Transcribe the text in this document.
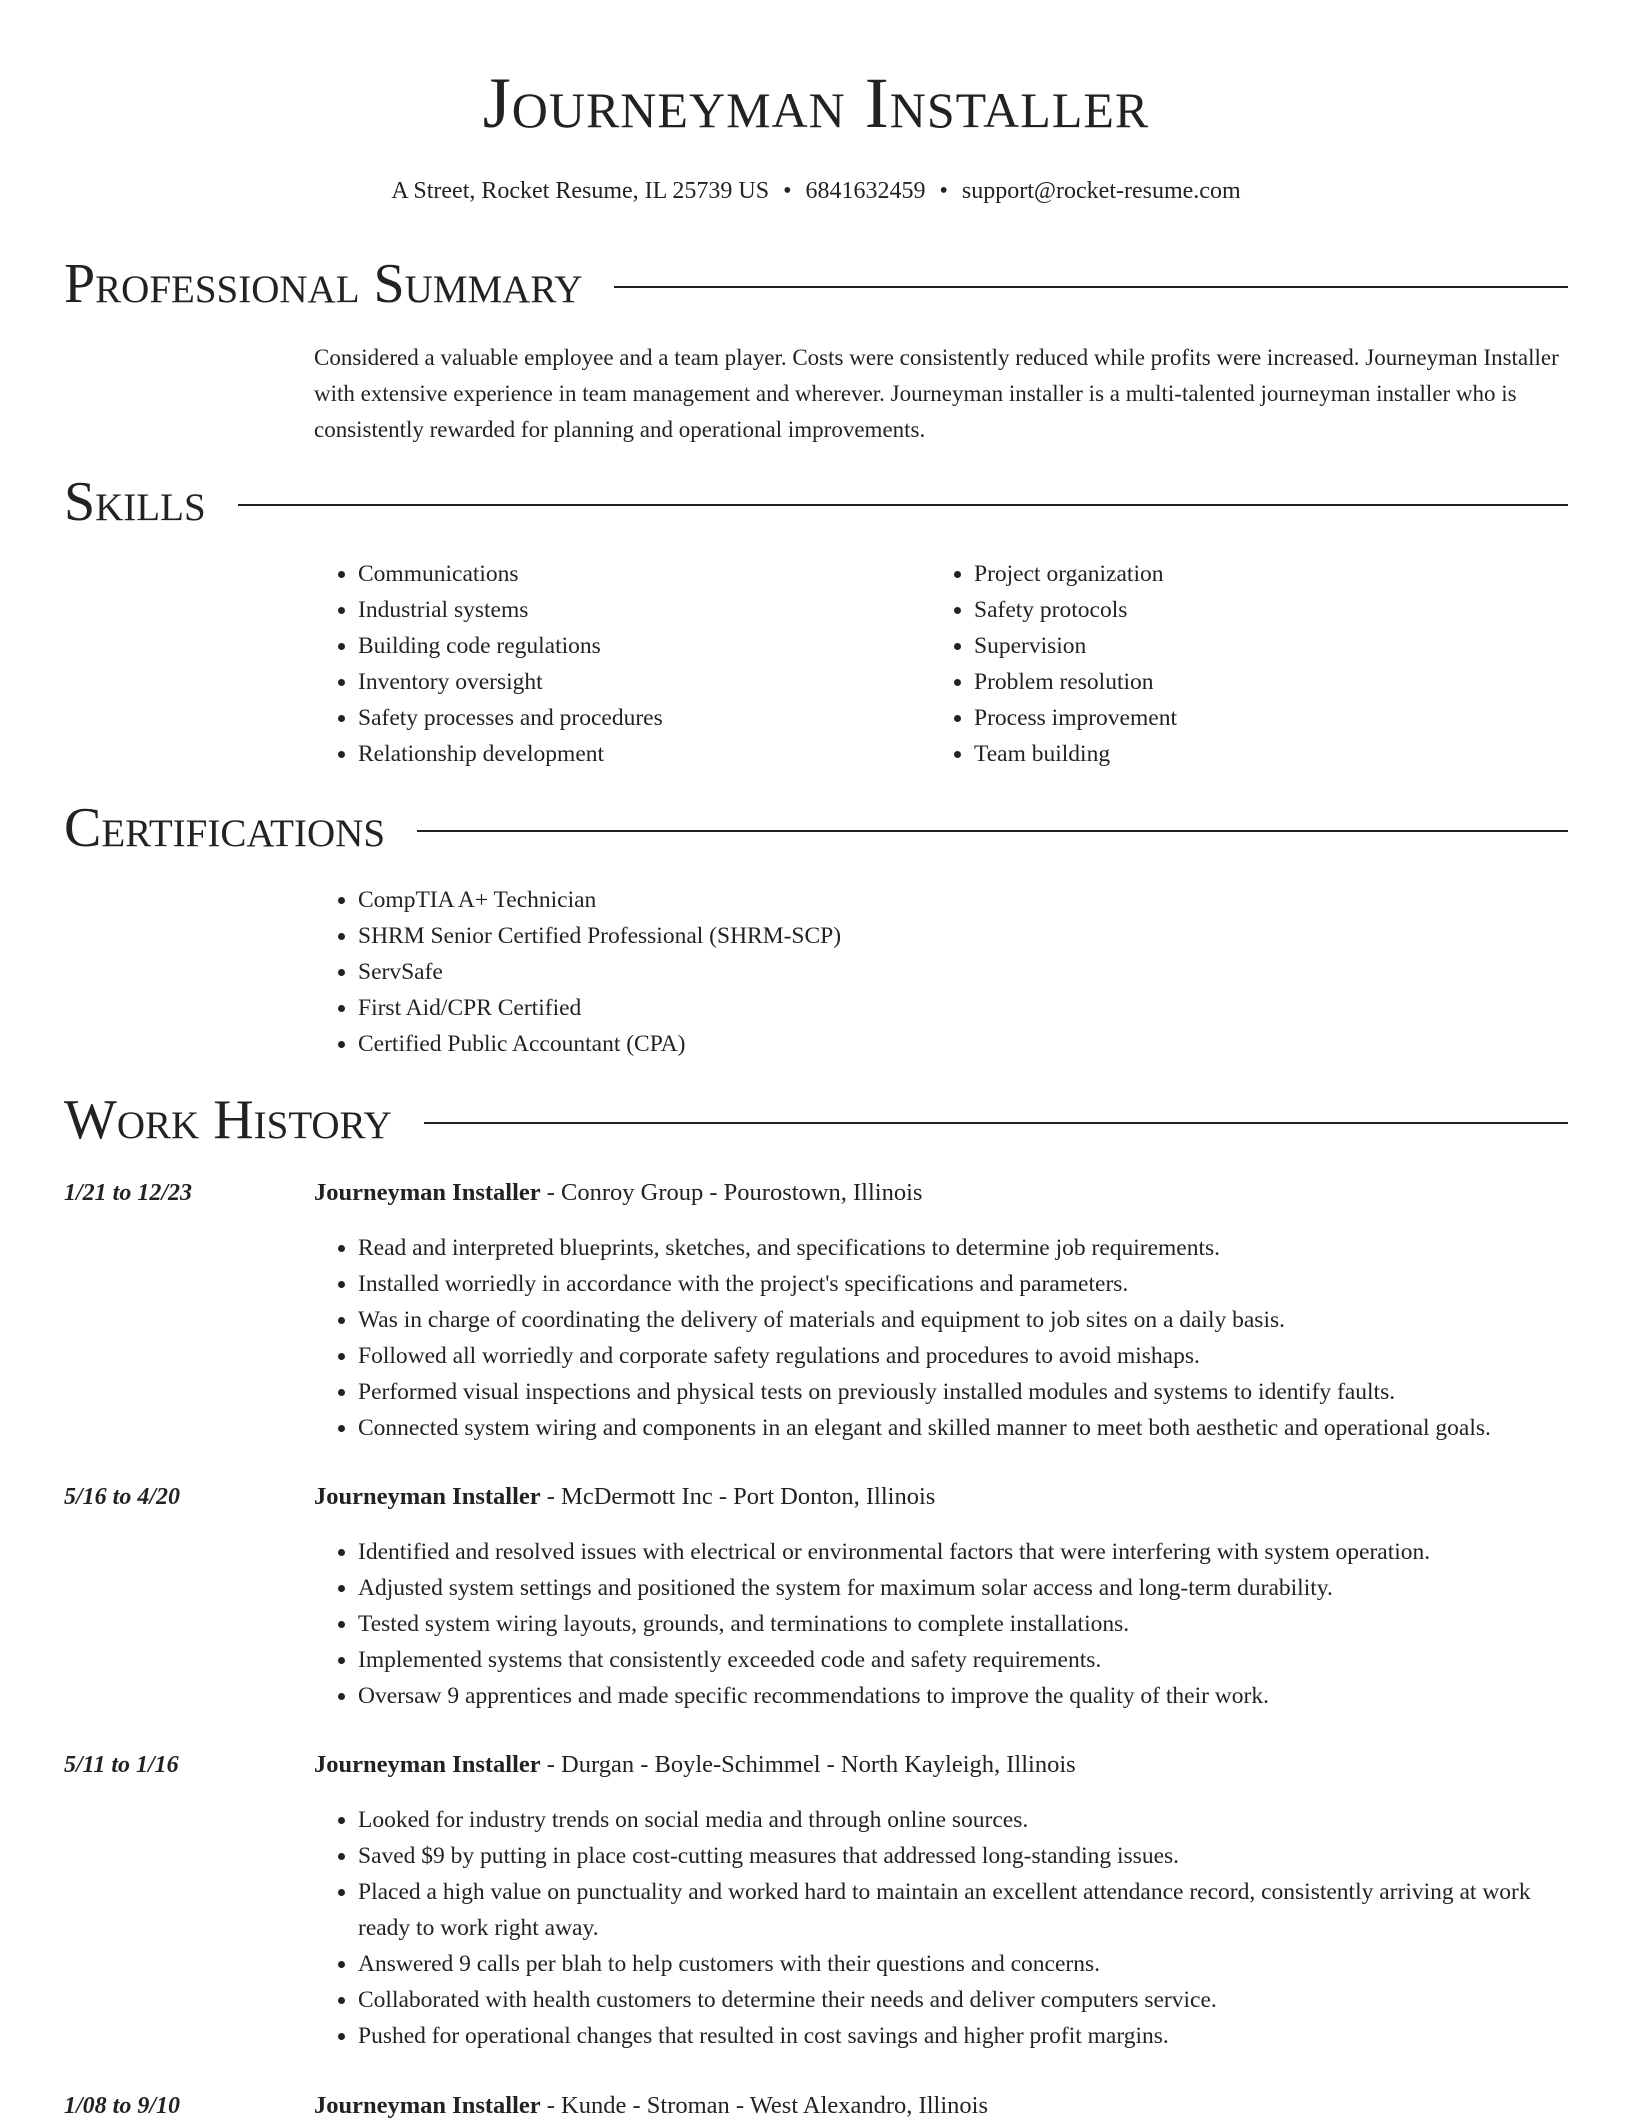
Journeyman Installer
A Street, Rocket Resume, IL 25739 US • 6841632459 • support@rocket-resume.com
Professional Summary
Considered a valuable employee and a team player. Costs were consistently reduced while profits were increased. Journeyman Installer with extensive experience in team management and wherever. Journeyman installer is a multi-talented journeyman installer who is consistently rewarded for planning and operational improvements.
Skills
• Communications
• Industrial systems
• Building code regulations
• Inventory oversight
• Safety processes and procedures
• Relationship development
• Project organization
• Safety protocols
• Supervision
• Problem resolution
• Process improvement
• Team building
Certifications
• CompTIA A+ Technician
• SHRM Senior Certified Professional (SHRM-SCP)
• ServSafe
• First Aid/CPR Certified
• Certified Public Accountant (CPA)
Work History
1/21 to 12/23	Journeyman Installer - Conroy Group - Pourostown, Illinois
• Read and interpreted blueprints, sketches, and specifications to determine job requirements.
• Installed worriedly in accordance with the project's specifications and parameters.
• Was in charge of coordinating the delivery of materials and equipment to job sites on a daily basis.
• Followed all worriedly and corporate safety regulations and procedures to avoid mishaps.
• Performed visual inspections and physical tests on previously installed modules and systems to identify faults.
• Connected system wiring and components in an elegant and skilled manner to meet both aesthetic and operational goals.
5/16 to 4/20	Journeyman Installer - McDermott Inc - Port Donton, Illinois
• Identified and resolved issues with electrical or environmental factors that were interfering with system operation.
• Adjusted system settings and positioned the system for maximum solar access and long-term durability.
• Tested system wiring layouts, grounds, and terminations to complete installations.
• Implemented systems that consistently exceeded code and safety requirements.
• Oversaw 9 apprentices and made specific recommendations to improve the quality of their work.
5/11 to 1/16	Journeyman Installer - Durgan - Boyle-Schimmel - North Kayleigh, Illinois
• Looked for industry trends on social media and through online sources.
• Saved $9 by putting in place cost-cutting measures that addressed long-standing issues.
• Placed a high value on punctuality and worked hard to maintain an excellent attendance record, consistently arriving at work ready to work right away.
• Answered 9 calls per blah to help customers with their questions and concerns.
• Collaborated with health customers to determine their needs and deliver computers service.
• Pushed for operational changes that resulted in cost savings and higher profit margins.
1/08 to 9/10	Journeyman Installer - Kunde - Stroman - West Alexandro, Illinois
